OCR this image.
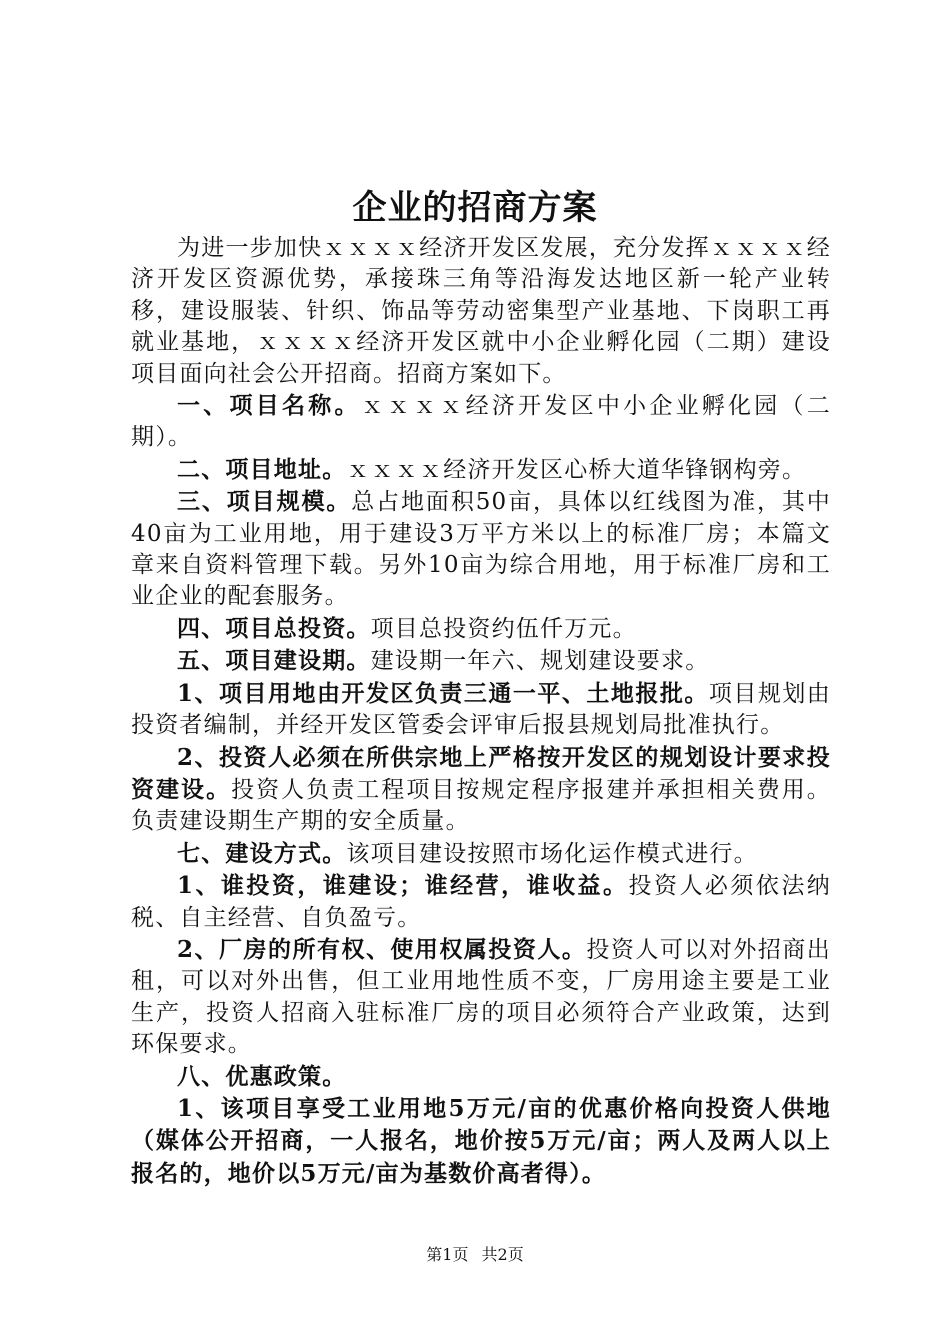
企业的招商方案

为进一步加快ｘｘｘｘ经济开发区发展，充分发挥ｘｘｘｘ经济开发区资源优势，承接珠三角等沿海发达地区新一轮产业转移，建设服装、针织、饰品等劳动密集型产业基地、下岗职工再就业基地，ｘｘｘｘ经济开发区就中小企业孵化园（二期）建设项目面向社会公开招商。招商方案如下。

一、项目名称。ｘｘｘｘ经济开发区中小企业孵化园（二期）。

二、项目地址。ｘｘｘｘ经济开发区心桥大道华锋钢构旁。

三、项目规模。总占地面积50亩，具体以红线图为准，其中40亩为工业用地，用于建设3万平方米以上的标准厂房；本篇文章来自资料管理下载。另外10亩为综合用地，用于标准厂房和工业企业的配套服务。

四、项目总投资。项目总投资约伍仟万元。

五、项目建设期。建设期一年六、规划建设要求。

1、项目用地由开发区负责三通一平、土地报批。项目规划由投资者编制，并经开发区管委会评审后报县规划局批准执行。

2、投资人必须在所供宗地上严格按开发区的规划设计要求投资建设。投资人负责工程项目按规定程序报建并承担相关费用。负责建设期生产期的安全质量。

七、建设方式。该项目建设按照市场化运作模式进行。

1、谁投资，谁建设；谁经营，谁收益。投资人必须依法纳税、自主经营、自负盈亏。

2、厂房的所有权、使用权属投资人。投资人可以对外招商出租，可以对外出售，但工业用地性质不变，厂房用途主要是工业生产，投资人招商入驻标准厂房的项目必须符合产业政策，达到环保要求。

八、优惠政策。

1、该项目享受工业用地5万元/亩的优惠价格向投资人供地（媒体公开招商，一人报名，地价按5万元/亩；两人及两人以上报名的，地价以5万元/亩为基数价高者得）。

第1页 共2页
